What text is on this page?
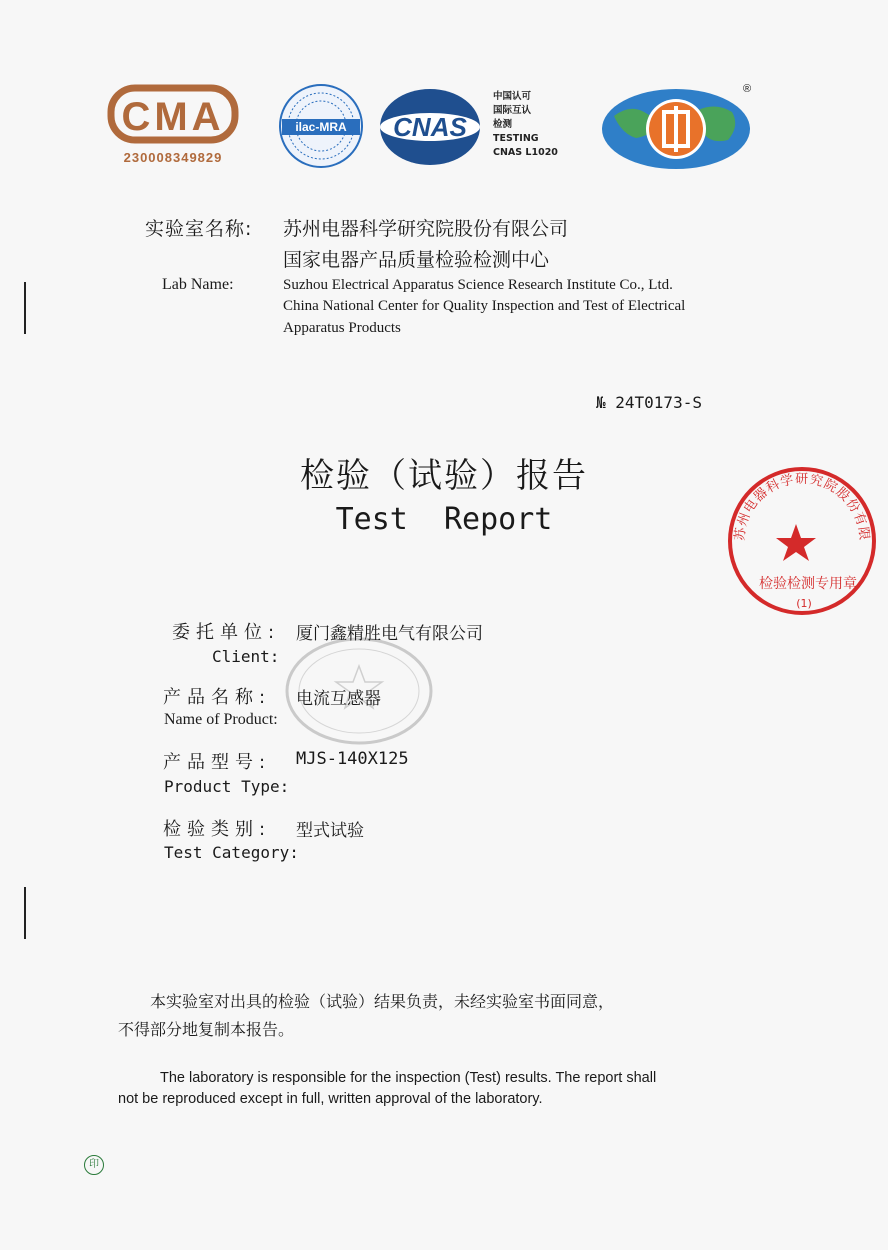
CMA
230008349829
ilac-MRA CNAS
中国认可
国际互认
检测
TESTING
CNAS L1020
®
实验室名称: 苏州电器科学研究院股份有限公司
国家电器产品质量检验检测中心
Lab Name:	Suzhou Electrical Apparatus Science Research Institute Co., Ltd.
China National Center for Quality Inspection and Test of Electrical
Apparatus Products
№ 24T0173-S
检验（试验）报告
Test  Report
委托单位: 厦门鑫精胜电气有限公司
Client:
产品名称: 电流互感器
Name of Product:
产品型号: MJS-140X125
Product Type:
检验类别: 型式试验
Test Category:
苏州电器科学研究院股份有限
检验检测专用章
(1)
本实验室对出具的检验（试验）结果负责，未经实验室书面同意，
不得部分地复制本报告。
The laboratory is responsible for the inspection (Test) results. The report shall
not be reproduced except in full, written approval of the laboratory.
印
